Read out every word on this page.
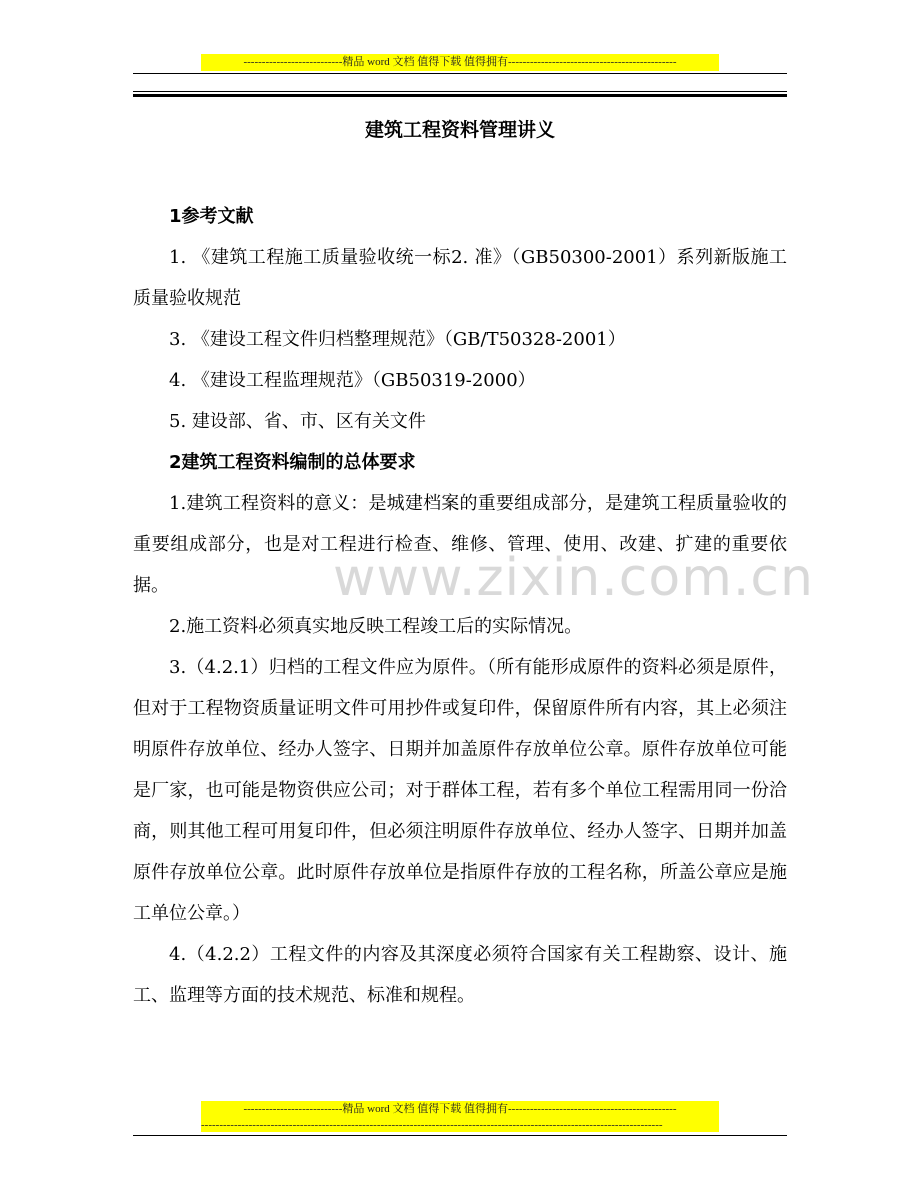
---------------------------精品 word 文档 值得下载 值得拥有----------------------------------------------
建筑工程资料管理讲义

1参考文献

1. 《建筑工程施工质量验收统一标2. 准》（GB50300-2001）系列新版施工质量验收规范

3. 《建设工程文件归档整理规范》（GB/T50328-2001）

4. 《建设工程监理规范》（GB50319-2000）

5. 建设部、省、市、区有关文件

2建筑工程资料编制的总体要求

1.建筑工程资料的意义：是城建档案的重要组成部分，是建筑工程质量验收的重要组成部分，也是对工程进行检查、维修、管理、使用、改建、扩建的重要依据。

2.施工资料必须真实地反映工程竣工后的实际情况。

3.（4.2.1）归档的工程文件应为原件。（所有能形成原件的资料必须是原件，但对于工程物资质量证明文件可用抄件或复印件，保留原件所有内容，其上必须注明原件存放单位、经办人签字、日期并加盖原件存放单位公章。原件存放单位可能是厂家，也可能是物资供应公司；对于群体工程，若有多个单位工程需用同一份洽商，则其他工程可用复印件，但必须注明原件存放单位、经办人签字、日期并加盖原件存放单位公章。此时原件存放单位是指原件存放的工程名称，所盖公章应是施工单位公章。）

4.（4.2.2）工程文件的内容及其深度必须符合国家有关工程勘察、设计、施工、监理等方面的技术规范、标准和规程。

www.zixin.com.cn
---------------------------精品 word 文档 值得下载 值得拥有----------------------------------------------
------------------------------------------------------------------------------------------------------------------------------
